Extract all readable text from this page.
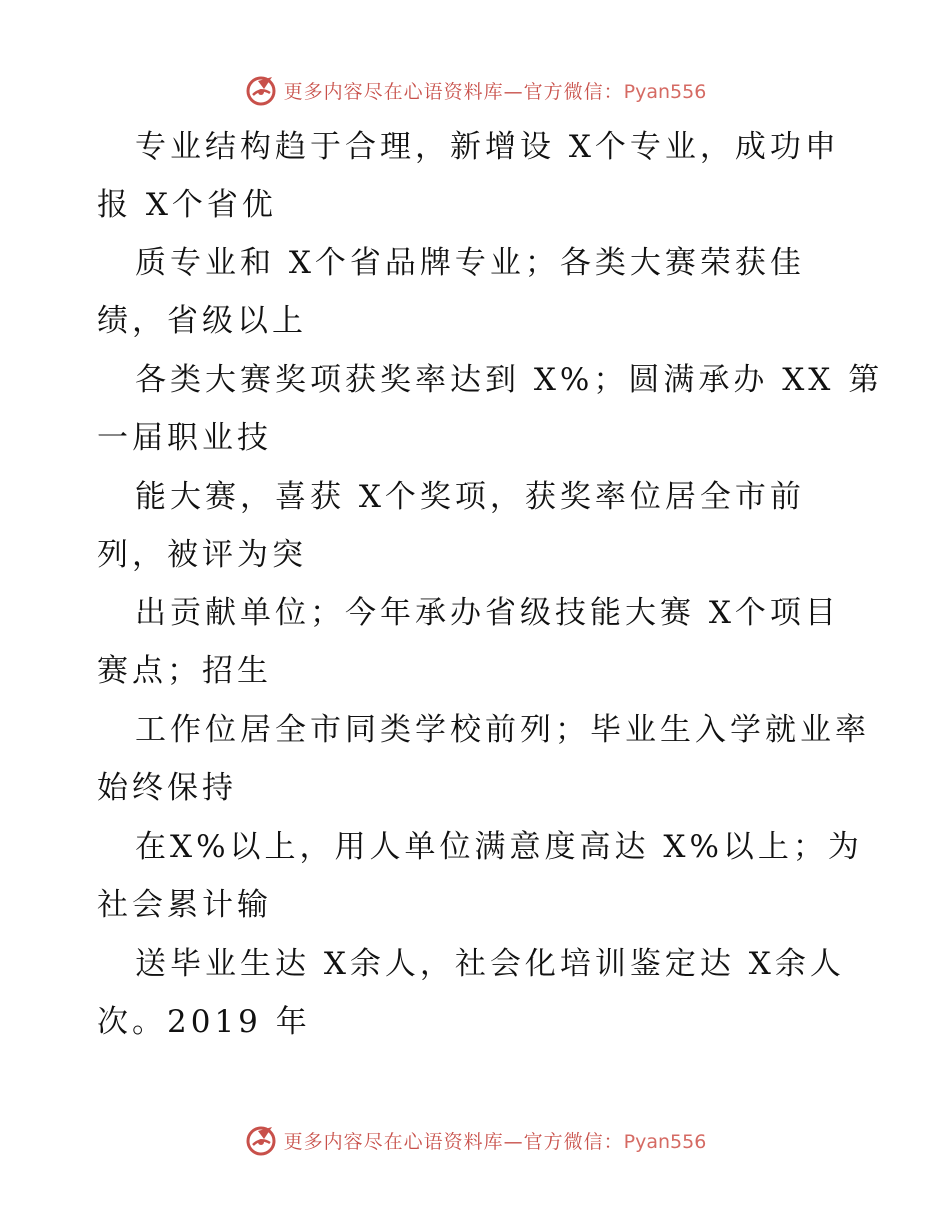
更多内容尽在心语资料库—官方微信：Pyan556
专业结构趋于合理，新增设 X个专业，成功申
报 X个省优
质专业和 X个省品牌专业；各类大赛荣获佳
绩，省级以上
各类大赛奖项获奖率达到 X%；圆满承办 XX 第
一届职业技
能大赛，喜获 X个奖项，获奖率位居全市前
列，被评为突
出贡献单位；今年承办省级技能大赛 X个项目
赛点；招生
工作位居全市同类学校前列；毕业生入学就业率
始终保持
在X%以上，用人单位满意度高达 X%以上；为
社会累计输
送毕业生达 X余人，社会化培训鉴定达 X余人
次。2019 年
更多内容尽在心语资料库—官方微信：Pyan556
